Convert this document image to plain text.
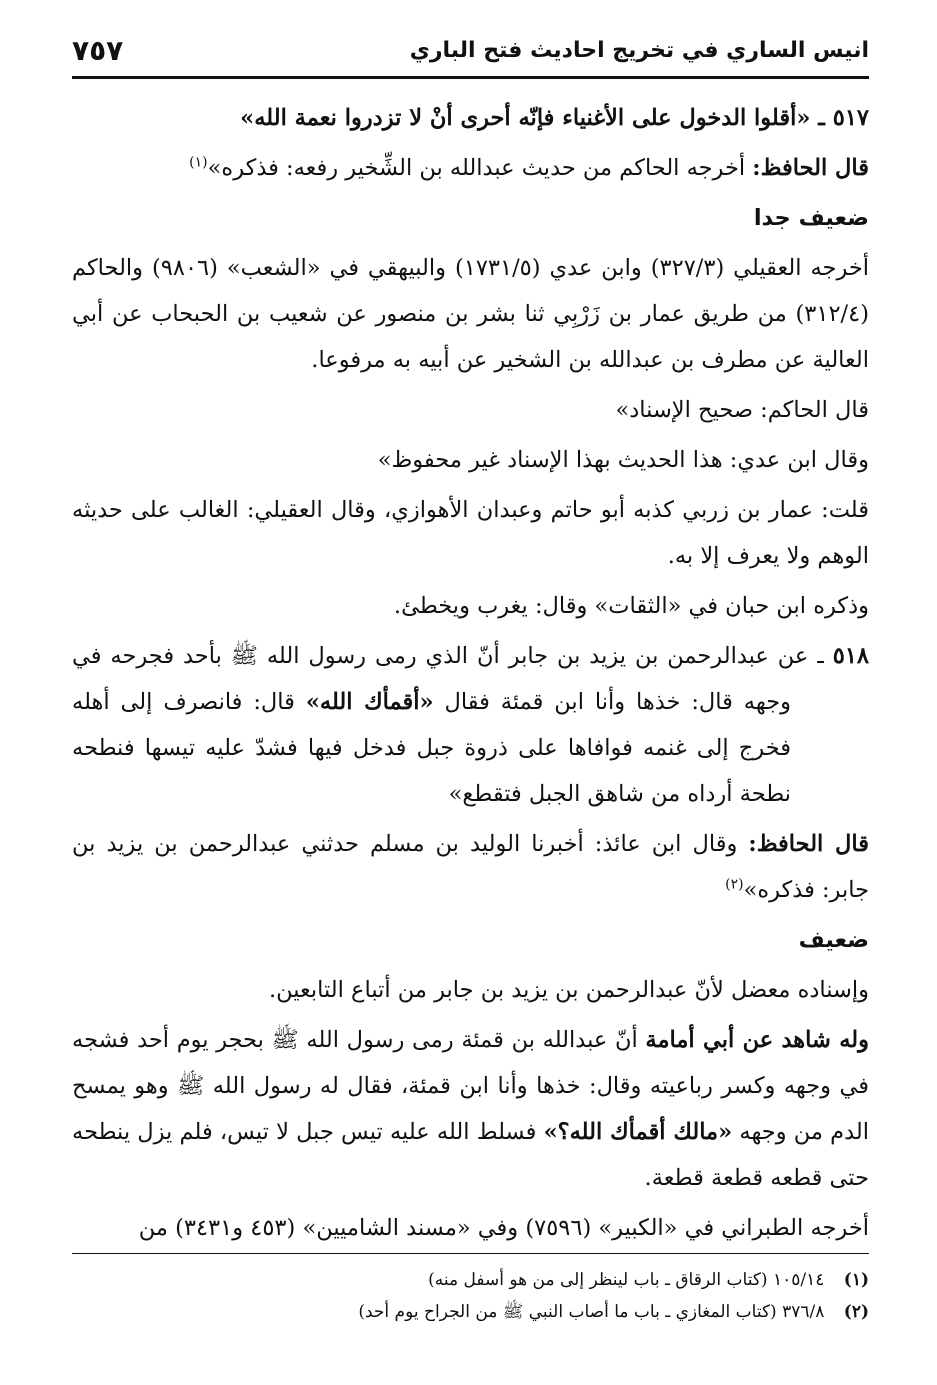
انيس الساري في تخريج احاديث فتح الباري
٧٥٧

٥١٧ ـ «أقلوا الدخول على الأغنياء فإنّه أحرى أنْ لا تزدروا نعمة الله»

قال الحافظ: أخرجه الحاكم من حديث عبدالله بن الشِّخير رفعه: فذكره»$^{(١)}$

ضعيف جدا

أخرجه العقيلي (٣٢٧/٣) وابن عدي (١٧٣١/٥) والبيهقي في «الشعب» (٩٨٠٦) والحاكم (٣١٢/٤) من طريق عمار بن زَرْبِي ثنا بشر بن منصور عن شعيب بن الحبحاب عن أبي العالية عن مطرف بن عبدالله بن الشخير عن أبيه به مرفوعا.

قال الحاكم: صحيح الإسناد»

وقال ابن عدي: هذا الحديث بهذا الإسناد غير محفوظ»

قلت: عمار بن زربي كذبه أبو حاتم وعبدان الأهوازي، وقال العقيلي: الغالب على حديثه الوهم ولا يعرف إلا به.

وذكره ابن حبان في «الثقات» وقال: يغرب ويخطئ.

٥١٨ ـ عن عبدالرحمن بن يزيد بن جابر أنّ الذي رمى رسول الله ﷺ بأحد فجرحه في وجهه قال: خذها وأنا ابن قمئة فقال «أقمأك الله» قال: فانصرف إلى أهله فخرج إلى غنمه فوافاها على ذروة جبل فدخل فيها فشدّ عليه تيسها فنطحه نطحة أرداه من شاهق الجبل فتقطع»

قال الحافظ: وقال ابن عائذ: أخبرنا الوليد بن مسلم حدثني عبدالرحمن بن يزيد بن جابر: فذكره»$^{(٢)}$

ضعيف

وإسناده معضل لأنّ عبدالرحمن بن يزيد بن جابر من أتباع التابعين.

وله شاهد عن أبي أمامة أنّ عبدالله بن قمئة رمى رسول الله ﷺ بحجر يوم أحد فشجه في وجهه وكسر رباعيته وقال: خذها وأنا ابن قمئة، فقال له رسول الله ﷺ وهو يمسح الدم من وجهه «مالك أقمأك الله؟» فسلط الله عليه تيس جبل لا تيس، فلم يزل ينطحه حتى قطعه قطعة قطعة.

أخرجه الطبراني في «الكبير» (٧٥٩٦) وفي «مسند الشاميين» (٤٥٣ و٣٤٣١) من

(١) ١٠٥/١٤ (كتاب الرقاق ـ باب لينظر إلى من هو أسفل منه)

(٢) ٣٧٦/٨ (كتاب المغازي ـ باب ما أصاب النبي ﷺ من الجراح يوم أحد)
